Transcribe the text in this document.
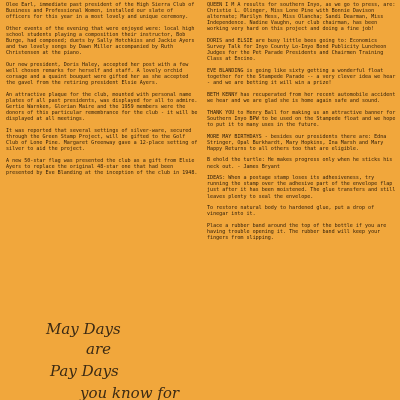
Olee Earl, immediate past president of the High Sierra Club of Business and Professional Women, installed our slate of officers for this year in a most lovely and unique ceremony.

Other events of the evening that were enjoyed were: local high school students playing a composition their instructor, Bob Burge, had composed; duets by Sally Hotchkiss and Jackie Ayers and two lovely songs by Dawn Miller accompanied by Ruth Christensen at the piano.

Our new president, Doris Haley, accepted her post with a few well chosen remarks for herself and staff. A lovely orchid corsage and a quaint bouquet were gifted her as she accepted the gavel from the retiring president Elsie Ayers.

An attractive plaque for the club, mounted with personal name plates of all past presidents, was displayed for all to admire. Gertie Warnken, Glorian Maire and the 1959 members were the donors of this particular remembrance for the club - it will be displayed at all meetings.

It was reported that several settings of silver-ware, secured through the Green Stamp Project, will be gifted to the Golf Club of Lone Pine. Margaret Greenway gave a 12-place setting of silver to aid the project.

A new 50-star flag was presented the club as a gift from Elsie Ayers to replace the original 48-star one that had been presented by Eve Blanding at the inception of the club in 1948.

QUEEN I M A results for southern Inyo, as we go to press, are: Christie L. Olinger, Miss Lone Pine with Bonnie Davison alternate; Marilyn Hess, Miss Olancha; Sandi Dearman, Miss Independence. Nadine Vaughn, our club chairman, has been working very hard on this project and doing a fine job!

DORIS and ELSIE are busy little bees going to: Economics Survey Talk for Inyo County Lo-Inyo Bond Publicity Luncheon Judges for the Pet Parade Presidents and Chairmen Training Class at Encino.

EVE BLANDING is going like sixty getting a wonderful float together for the Stampede Parade -- a very clever idea we hear - and we are betting it will win a prize!

BETH KENNY has recuperated from her recent automobile accident we hear and we are glad she is home again safe and sound.

THANK YOU to Henry Ball for making us an attractive banner for Southern Inyo BPW to be used on the Stampede float and we hope to put it to many uses in the future.

MORE MAY BIRTHDAYS - besides our presidents there are: Edna Stringer, Opal Burkhardt, Mary Hopkins, Ina Marsh and Mary Happy Returns to all others too that are eligible.

B ehold the turtle: He makes progress only when he sticks his neck out. - James Bryant

IDEAS: When a postage stamp loses its adhesiveness, try running the stamp over the adhesive part of the envelope flap just after it has been moistened. The glue transfers and still leaves plenty to seal the envelope.

To restore natural body to hardened glue, put a drop of vinegar into it.

Place a rubber band around the top of the bottle if you are having trouble opening it. The rubber band will keep your fingers from slipping.

May Days
are
Pay Days
you know for
